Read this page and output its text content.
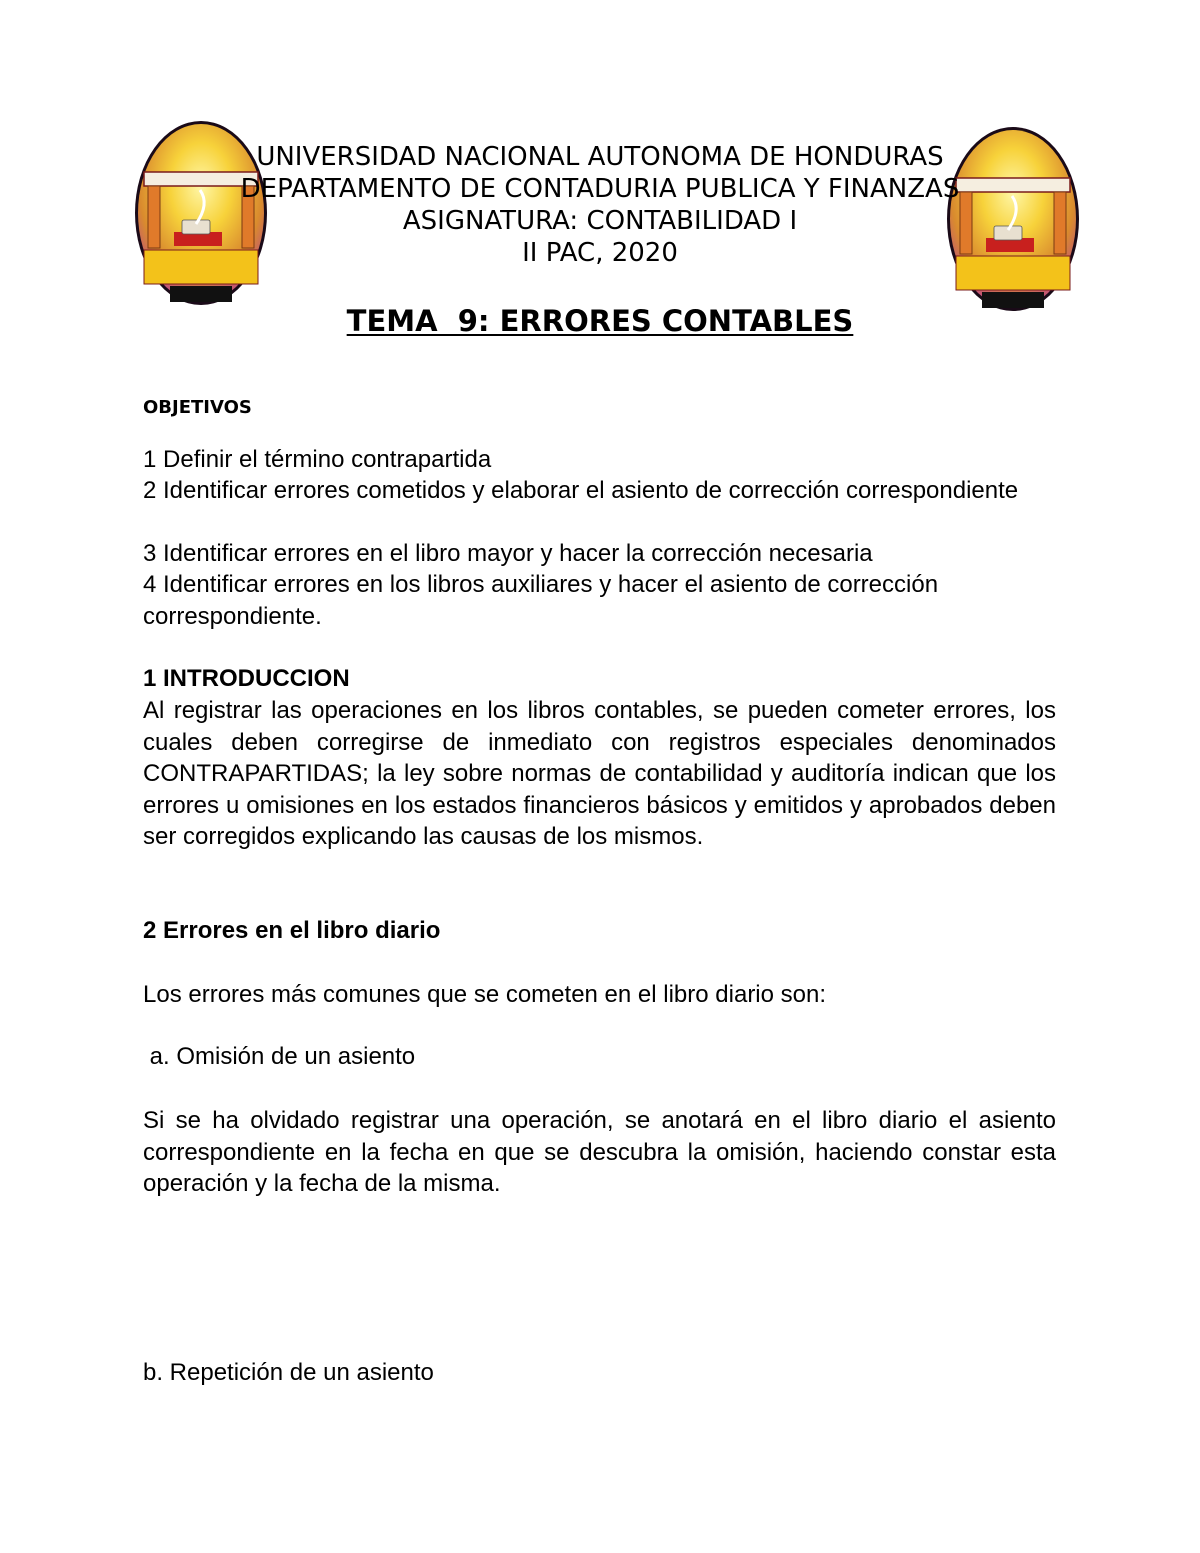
UNIVERSIDAD NACIONAL AUTONOMA DE HONDURAS
DEPARTAMENTO DE CONTADURIA PUBLICA Y FINANZAS
ASIGNATURA: CONTABILIDAD I
II PAC, 2020
TEMA  9: ERRORES CONTABLES
OBJETIVOS

1 Definir el término contrapartida

2 Identificar errores cometidos y elaborar el asiento de corrección correspondiente

3 Identificar errores en el libro mayor y hacer la corrección necesaria

4 Identificar errores en los libros auxiliares y hacer el asiento de corrección correspondiente.

1 INTRODUCCION

Al registrar las operaciones en los libros contables, se pueden cometer errores, los cuales deben corregirse de inmediato con registros especiales denominados CONTRAPARTIDAS; la ley sobre normas de contabilidad y auditoría indican que los errores u omisiones en los estados financieros básicos y emitidos y aprobados deben ser corregidos explicando las causas de los mismos.

2 Errores en el libro diario

Los errores más comunes que se cometen en el libro diario son:

a. Omisión de un asiento

Si se ha olvidado registrar una operación, se anotará en el libro diario el asiento correspondiente en la fecha en que se descubra la omisión, haciendo constar esta operación y la fecha de la misma.

b. Repetición de un asiento
